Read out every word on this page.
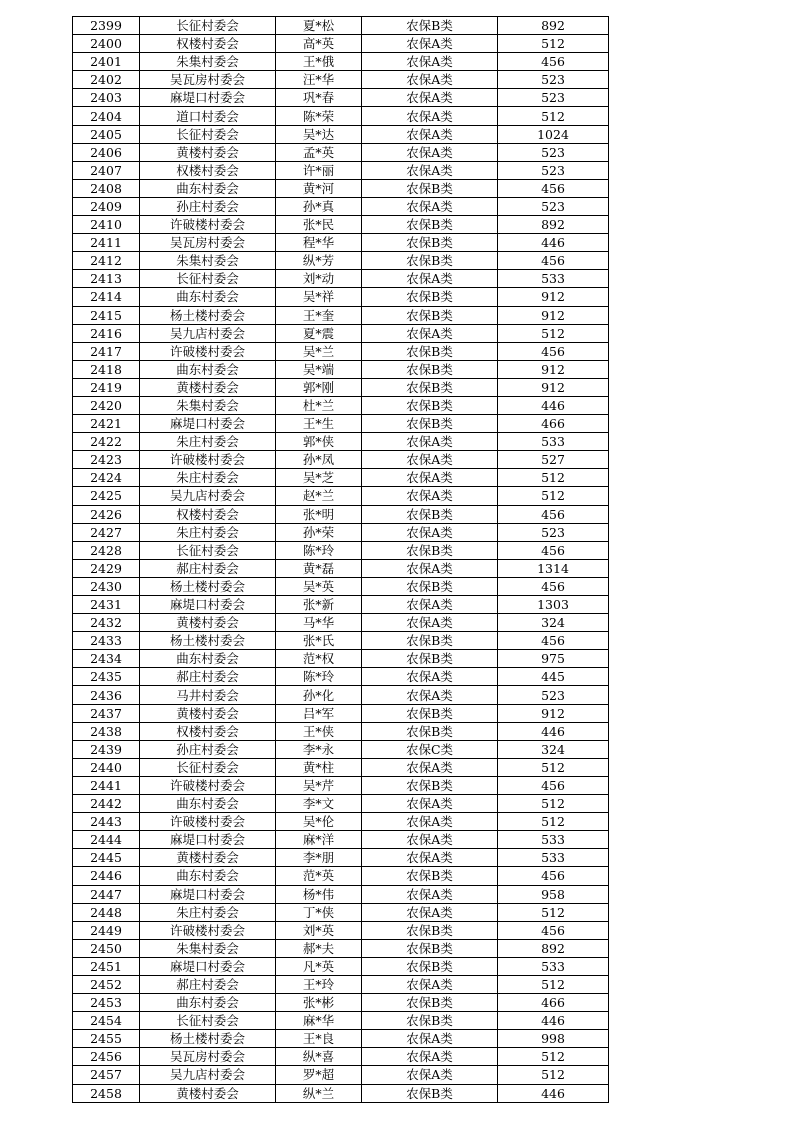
2399	长征村委会	夏*松	农保B类	892
2400	权楼村委会	高*英	农保A类	512
2401	朱集村委会	王*俄	农保A类	456
2402	吴瓦房村委会	汪*华	农保A类	523
2403	麻堤口村委会	巩*春	农保A类	523
2404	道口村委会	陈*荣	农保A类	512
2405	长征村委会	吴*达	农保A类	1024
2406	黄楼村委会	孟*英	农保A类	523
2407	权楼村委会	许*丽	农保A类	523
2408	曲东村委会	黄*河	农保B类	456
2409	孙庄村委会	孙*真	农保A类	523
2410	许破楼村委会	张*民	农保B类	892
2411	吴瓦房村委会	程*华	农保B类	446
2412	朱集村委会	纵*芳	农保B类	456
2413	长征村委会	刘*动	农保A类	533
2414	曲东村委会	吴*祥	农保B类	912
2415	杨土楼村委会	王*奎	农保B类	912
2416	吴九店村委会	夏*震	农保A类	512
2417	许破楼村委会	吴*兰	农保B类	456
2418	曲东村委会	吴*端	农保B类	912
2419	黄楼村委会	郭*刚	农保B类	912
2420	朱集村委会	杜*兰	农保B类	446
2421	麻堤口村委会	王*生	农保B类	466
2422	朱庄村委会	郭*侠	农保A类	533
2423	许破楼村委会	孙*凤	农保A类	527
2424	朱庄村委会	吴*芝	农保A类	512
2425	吴九店村委会	赵*兰	农保A类	512
2426	权楼村委会	张*明	农保B类	456
2427	朱庄村委会	孙*荣	农保A类	523
2428	长征村委会	陈*玲	农保B类	456
2429	郝庄村委会	黄*磊	农保A类	1314
2430	杨土楼村委会	吴*英	农保B类	456
2431	麻堤口村委会	张*新	农保A类	1303
2432	黄楼村委会	马*华	农保A类	324
2433	杨土楼村委会	张*氏	农保B类	456
2434	曲东村委会	范*权	农保B类	975
2435	郝庄村委会	陈*玲	农保A类	445
2436	马井村委会	孙*化	农保A类	523
2437	黄楼村委会	吕*军	农保B类	912
2438	权楼村委会	王*侠	农保B类	446
2439	孙庄村委会	李*永	农保C类	324
2440	长征村委会	黄*柱	农保A类	512
2441	许破楼村委会	吴*芹	农保B类	456
2442	曲东村委会	李*文	农保A类	512
2443	许破楼村委会	吴*伦	农保A类	512
2444	麻堤口村委会	麻*洋	农保A类	533
2445	黄楼村委会	李*朋	农保A类	533
2446	曲东村委会	范*英	农保B类	456
2447	麻堤口村委会	杨*伟	农保A类	958
2448	朱庄村委会	丁*侠	农保A类	512
2449	许破楼村委会	刘*英	农保B类	456
2450	朱集村委会	郝*夫	农保B类	892
2451	麻堤口村委会	凡*英	农保B类	533
2452	郝庄村委会	王*玲	农保A类	512
2453	曲东村委会	张*彬	农保B类	466
2454	长征村委会	麻*华	农保B类	446
2455	杨土楼村委会	王*良	农保A类	998
2456	吴瓦房村委会	纵*喜	农保A类	512
2457	吴九店村委会	罗*超	农保A类	512
2458	黄楼村委会	纵*兰	农保B类	446
